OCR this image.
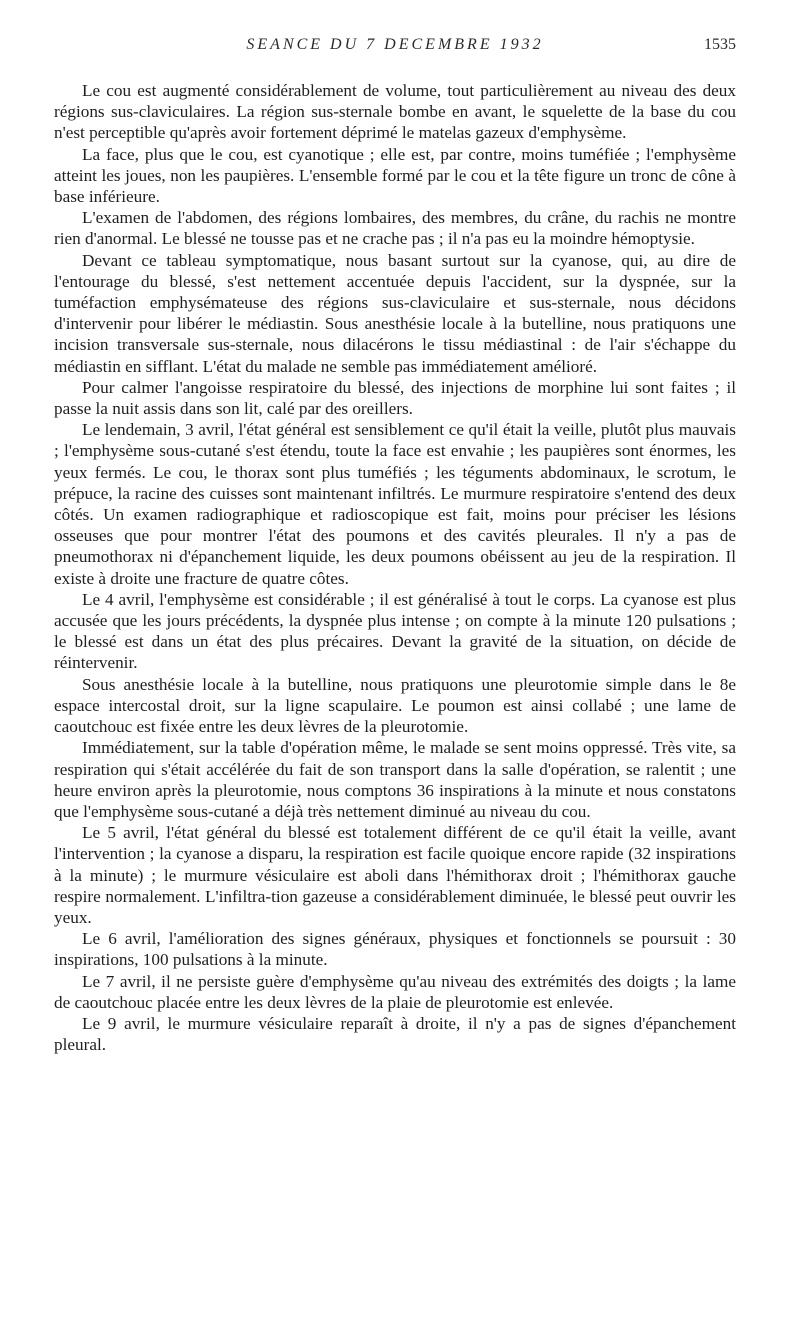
SEANCE DU 7 DECEMBRE 1932	1535

Le cou est augmenté considérablement de volume, tout particulièrement au niveau des deux régions sus-claviculaires. La région sus-sternale bombe en avant, le squelette de la base du cou n'est perceptible qu'après avoir fortement déprimé le matelas gazeux d'emphysème.

La face, plus que le cou, est cyanotique ; elle est, par contre, moins tuméfiée ; l'emphysème atteint les joues, non les paupières. L'ensemble formé par le cou et la tête figure un tronc de cône à base inférieure.

L'examen de l'abdomen, des régions lombaires, des membres, du crâne, du rachis ne montre rien d'anormal. Le blessé ne tousse pas et ne crache pas ; il n'a pas eu la moindre hémoptysie.

Devant ce tableau symptomatique, nous basant surtout sur la cyanose, qui, au dire de l'entourage du blessé, s'est nettement accentuée depuis l'accident, sur la dyspnée, sur la tuméfaction emphysémateuse des régions sus-claviculaire et sus-sternale, nous décidons d'intervenir pour libérer le médiastin. Sous anesthésie locale à la butelline, nous pratiquons une incision transversale sus-sternale, nous dilacérons le tissu médiastinal : de l'air s'échappe du médiastin en sifflant. L'état du malade ne semble pas immédiatement amélioré.

Pour calmer l'angoisse respiratoire du blessé, des injections de morphine lui sont faites ; il passe la nuit assis dans son lit, calé par des oreillers.

Le lendemain, 3 avril, l'état général est sensiblement ce qu'il était la veille, plutôt plus mauvais ; l'emphysème sous-cutané s'est étendu, toute la face est envahie ; les paupières sont énormes, les yeux fermés. Le cou, le thorax sont plus tuméfiés ; les téguments abdominaux, le scrotum, le prépuce, la racine des cuisses sont maintenant infiltrés. Le murmure respiratoire s'entend des deux côtés. Un examen radiographique et radioscopique est fait, moins pour préciser les lésions osseuses que pour montrer l'état des poumons et des cavités pleurales. Il n'y a pas de pneumothorax ni d'épanchement liquide, les deux poumons obéissent au jeu de la respiration. Il existe à droite une fracture de quatre côtes.

Le 4 avril, l'emphysème est considérable ; il est généralisé à tout le corps. La cyanose est plus accusée que les jours précédents, la dyspnée plus intense ; on compte à la minute 120 pulsations ; le blessé est dans un état des plus précaires. Devant la gravité de la situation, on décide de réintervenir.

Sous anesthésie locale à la butelline, nous pratiquons une pleurotomie simple dans le 8e espace intercostal droit, sur la ligne scapulaire. Le poumon est ainsi collabé ; une lame de caoutchouc est fixée entre les deux lèvres de la pleurotomie.

Immédiatement, sur la table d'opération même, le malade se sent moins oppressé. Très vite, sa respiration qui s'était accélérée du fait de son transport dans la salle d'opération, se ralentit ; une heure environ après la pleurotomie, nous comptons 36 inspirations à la minute et nous constatons que l'emphysème sous-cutané a déjà très nettement diminué au niveau du cou.

Le 5 avril, l'état général du blessé est totalement différent de ce qu'il était la veille, avant l'intervention ; la cyanose a disparu, la respiration est facile quoique encore rapide (32 inspirations à la minute) ; le murmure vésiculaire est aboli dans l'hémithorax droit ; l'hémithorax gauche respire normalement. L'infiltra-tion gazeuse a considérablement diminuée, le blessé peut ouvrir les yeux.

Le 6 avril, l'amélioration des signes généraux, physiques et fonctionnels se poursuit : 30 inspirations, 100 pulsations à la minute.

Le 7 avril, il ne persiste guère d'emphysème qu'au niveau des extrémités des doigts ; la lame de caoutchouc placée entre les deux lèvres de la plaie de pleurotomie est enlevée.

Le 9 avril, le murmure vésiculaire reparaît à droite, il n'y a pas de signes d'épanchement pleural.
